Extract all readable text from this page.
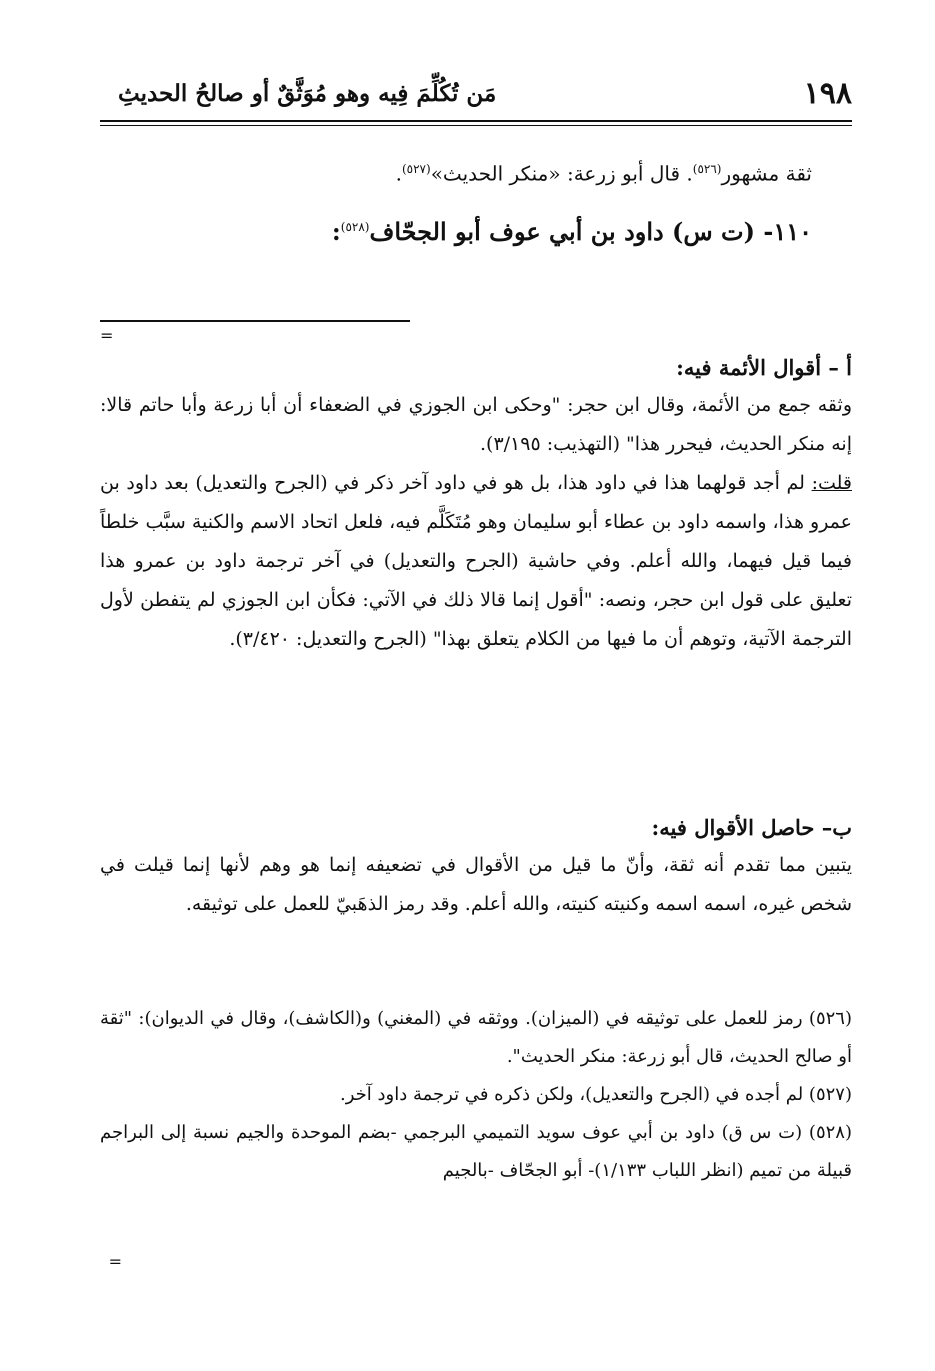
١٩٨
مَن تُكُلِّمَ فِيه وهو مُوَثَّقٌ أو صالحُ الحديثِ

ثقة مشهور$^{(٥٢٦)}$. قال أبو زرعة: «منكر الحديث»$^{(٥٢٧)}$.

١١٠- (ت س) داود بن أبي عوف أبو الجحّاف$^{(٥٢٨)}$:

=

أ – أقوال الأئمة فيه:

وثقه جمع من الأئمة، وقال ابن حجر: "وحكى ابن الجوزي في الضعفاء أن أبا زرعة وأبا حاتم قالا: إنه منكر الحديث، فيحرر هذا" (التهذيب: ٣/١٩٥).

قلت: لم أجد قولهما هذا في داود هذا، بل هو في داود آخر ذكر في (الجرح والتعديل) بعد داود بن عمرو هذا، واسمه داود بن عطاء أبو سليمان وهو مُتَكَلَّم فيه، فلعل اتحاد الاسم والكنية سبَّب خلطاً فيما قيل فيهما، والله أعلم. وفي حاشية (الجرح والتعديل) في آخر ترجمة داود بن عمرو هذا تعليق على قول ابن حجر، ونصه: "أقول إنما قالا ذلك في الآتي: فكأن ابن الجوزي لم يتفطن لأول الترجمة الآتية، وتوهم أن ما فيها من الكلام يتعلق بهذا" (الجرح والتعديل: ٣/٤٢٠).

ب– حاصل الأقوال فيه:

يتبين مما تقدم أنه ثقة، وأنّ ما قيل من الأقوال في تضعيفه إنما هو وهم لأنها إنما قيلت في شخص غيره، اسمه اسمه وكنيته كنيته، والله أعلم. وقد رمز الذهَبيّ للعمل على توثيقه.

(٥٢٦) رمز للعمل على توثيقه في (الميزان). ووثقه في (المغني) و(الكاشف)، وقال في الديوان): "ثقة أو صالح الحديث، قال أبو زرعة: منكر الحديث".

(٥٢٧) لم أجده في (الجرح والتعديل)، ولكن ذكره في ترجمة داود آخر.

(٥٢٨) (ت س ق) داود بن أبي عوف سويد التميمي البرجمي -بضم الموحدة والجيم نسبة إلى البراجم قبيلة من تميم (انظر اللباب ١/١٣٣)- أبو الجحّاف -بالجيم

=
